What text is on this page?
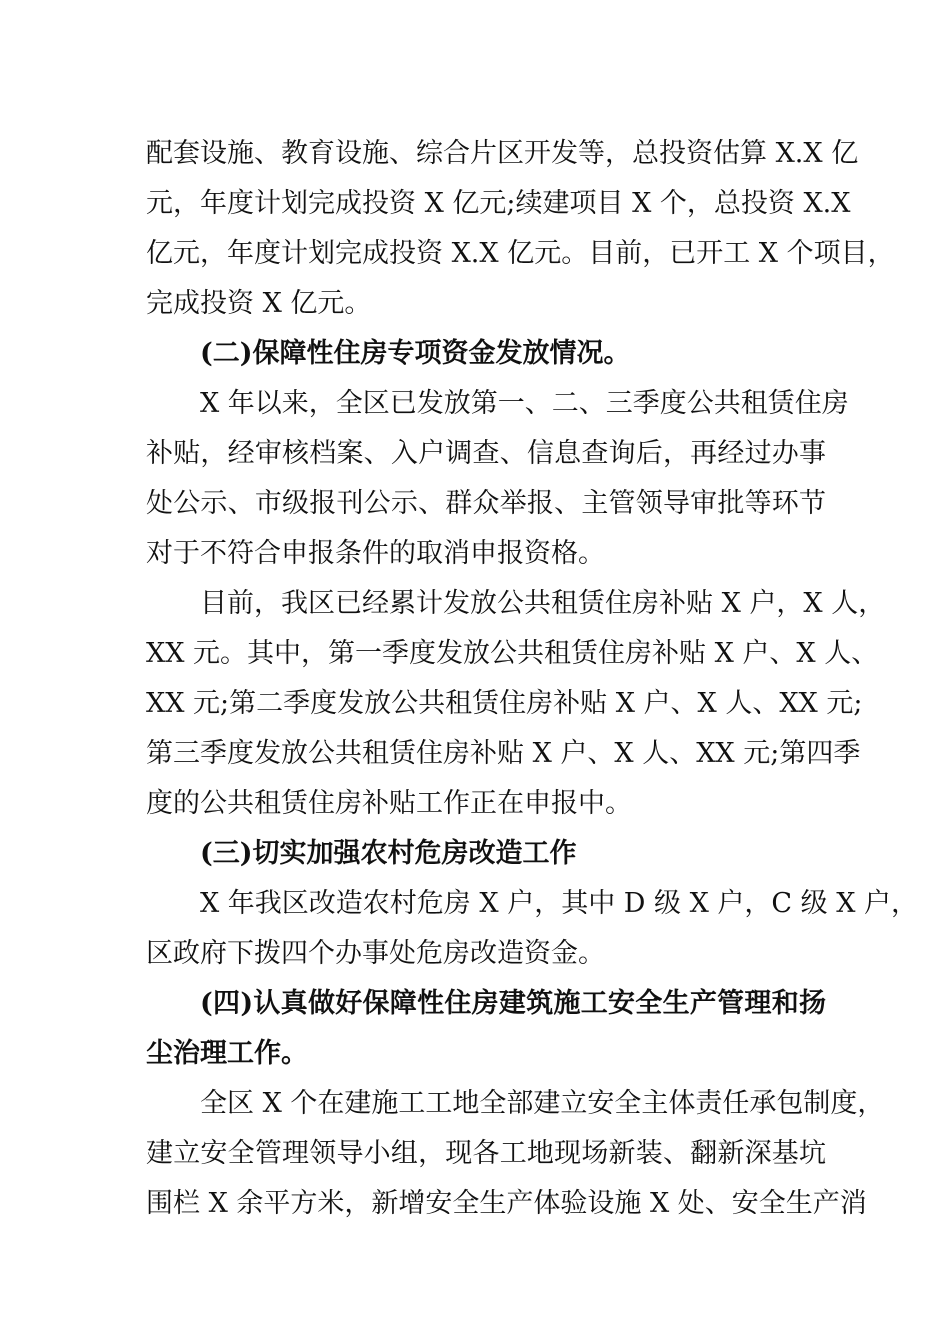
配套设施、教育设施、综合片区开发等，总投资估算 X.X 亿
元，年度计划完成投资 X 亿元;续建项目 X 个，总投资 X.X
亿元，年度计划完成投资 X.X 亿元。目前，已开工 X 个项目，
完成投资 X 亿元。
(二)保障性住房专项资金发放情况。
X 年以来，全区已发放第一、二、三季度公共租赁住房
补贴，经审核档案、入户调查、信息查询后，再经过办事
处公示、市级报刊公示、群众举报、主管领导审批等环节
对于不符合申报条件的取消申报资格。
目前，我区已经累计发放公共租赁住房补贴 X 户，X 人，
XX 元。其中，第一季度发放公共租赁住房补贴 X 户、X 人、
XX 元;第二季度发放公共租赁住房补贴 X 户、X 人、XX 元;
第三季度发放公共租赁住房补贴 X 户、X 人、XX 元;第四季
度的公共租赁住房补贴工作正在申报中。
(三)切实加强农村危房改造工作
X 年我区改造农村危房 X 户，其中 D 级 X 户，C 级 X 户，
区政府下拨四个办事处危房改造资金。
(四)认真做好保障性住房建筑施工安全生产管理和扬
尘治理工作。
全区 X 个在建施工工地全部建立安全主体责任承包制度，
建立安全管理领导小组，现各工地现场新装、翻新深基坑
围栏 X 余平方米，新增安全生产体验设施 X 处、安全生产消
